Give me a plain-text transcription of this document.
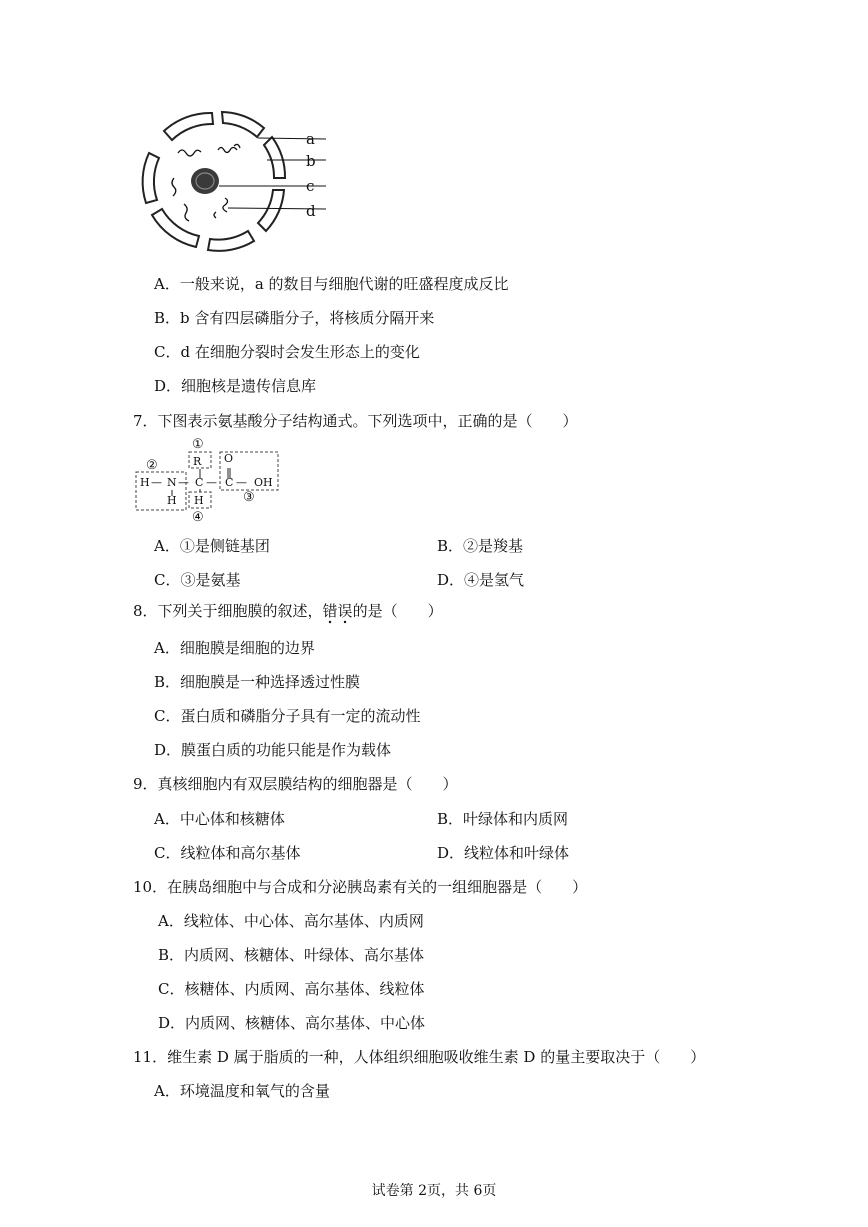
a
b
c
d
A．一般来说，a 的数目与细胞代谢的旺盛程度成反比
B．b 含有四层磷脂分子，将核质分隔开来
C．d 在细胞分裂时会发生形态上的变化
D．细胞核是遗传信息库
7．下图表示氨基酸分子结构通式。下列选项中，正确的是（　　）
①
②	R O
H — N — C — C — OH
H H	③
④
A．①是侧链基团	B．②是羧基
C．③是氨基	D．④是氢气
8．下列关于细胞膜的叙述，错误
的是（　　）
A．细胞膜是细胞的边界
B．细胞膜是一种选择透过性膜
C．蛋白质和磷脂分子具有一定的流动性
D．膜蛋白质的功能只能是作为载体
9．真核细胞内有双层膜结构的细胞器是（　　）
A．中心体和核糖体	B．叶绿体和内质网
C．线粒体和高尔基体	D．线粒体和叶绿体
10．在胰岛细胞中与合成和分泌胰岛素有关的一组细胞器是（　　）
A．线粒体、中心体、高尔基体、内质网
B．内质网、核糖体、叶绿体、高尔基体
C．核糖体、内质网、高尔基体、线粒体
D．内质网、核糖体、高尔基体、中心体
11．维生素 D 属于脂质的一种，人体组织细胞吸收维生素 D 的量主要取决于（　　）
A．环境温度和氧气的含量
试卷第 2页，共 6页
